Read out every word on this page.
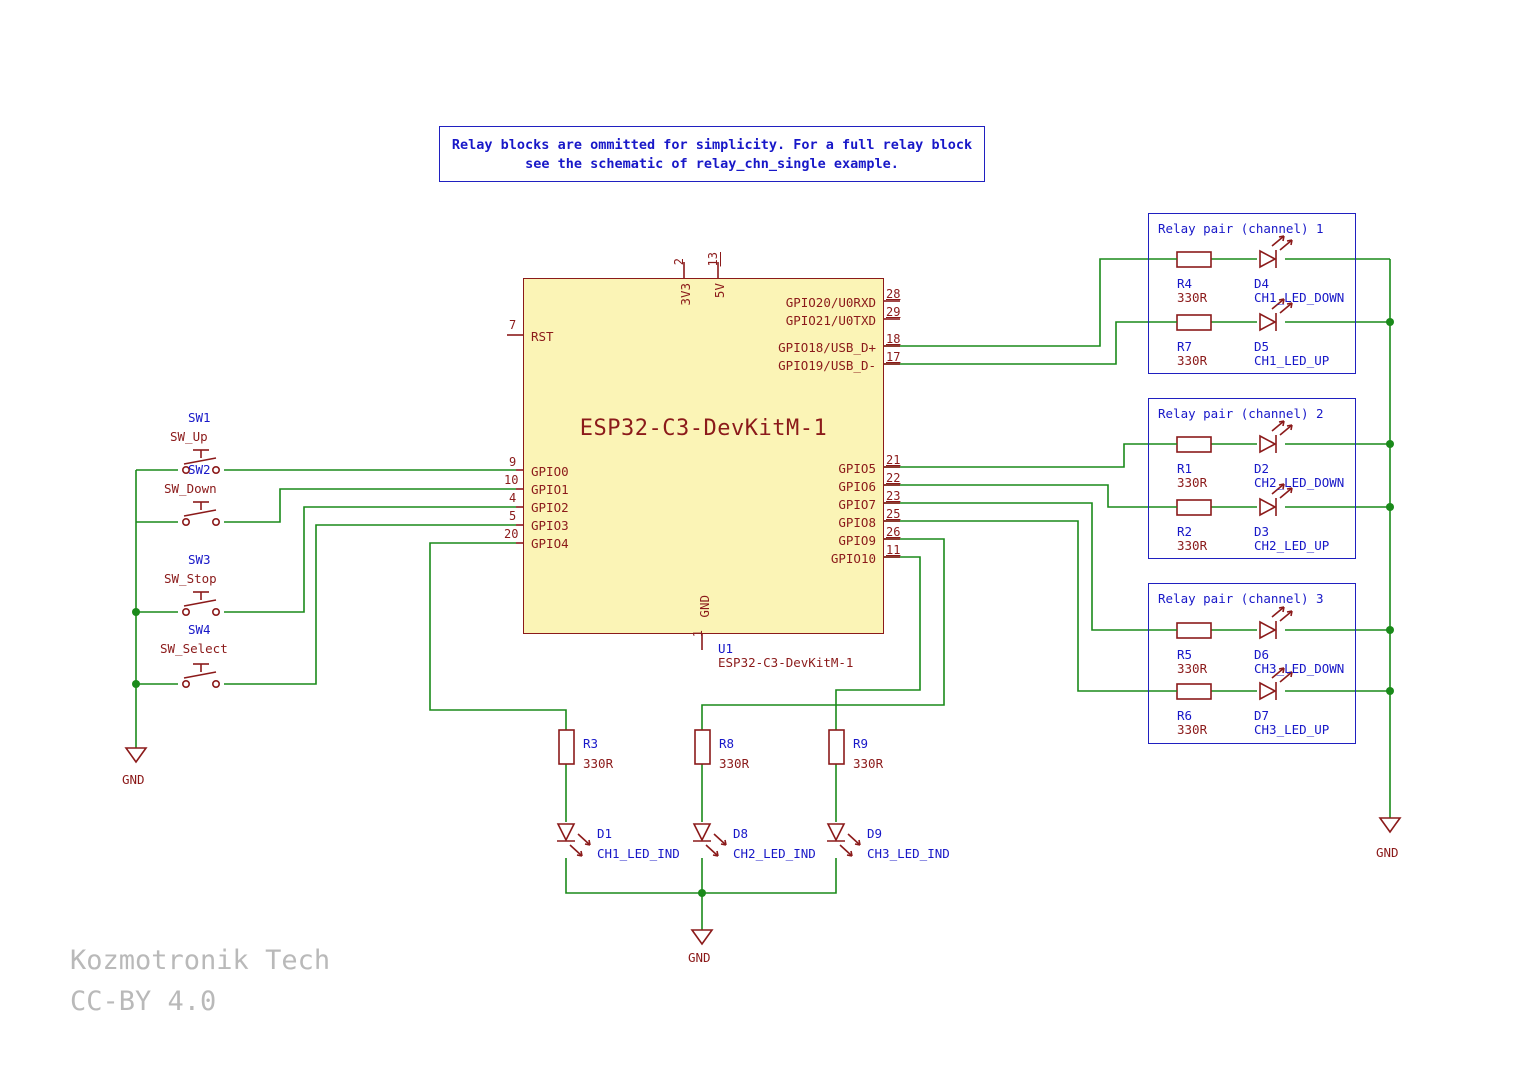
Relay blocks are ommitted for simplicity. For a full relay block
see the schematic of relay_chn_single example.
ESP32-C3-DevKitM-1
3V3
2
5V
13
GND
1
RST
7
GPIO0
9
GPIO1
10
GPIO2
4
GPIO3
5
GPIO4
20
GPIO20/U0RXD
28
GPIO21/U0TXD
29
GPIO18/USB_D+
18
GPIO19/USB_D-
17
GPIO5
21
GPIO6
22
GPIO7
23
GPIO8
25
GPIO9
26
GPIO10
11
U1
ESP32-C3-DevKitM-1
SW1
SW_Up
SW2
SW_Down
SW3
SW_Stop
SW4
SW_Select
Relay pair (channel) 1
R4
330R
D4
CH1_LED_DOWN
R7
330R
D5
CH1_LED_UP
Relay pair (channel) 2
R1
330R
D2
CH2_LED_DOWN
R2
330R
D3
CH2_LED_UP
Relay pair (channel) 3
R5
330R
D6
CH3_LED_DOWN
R6
330R
D7
CH3_LED_UP
R3
330R
D1
CH1_LED_IND
R8
330R
D8
CH2_LED_IND
R9
330R
D9
CH3_LED_IND
GND
GND
GND
Kozmotronik Tech
CC-BY 4.0
